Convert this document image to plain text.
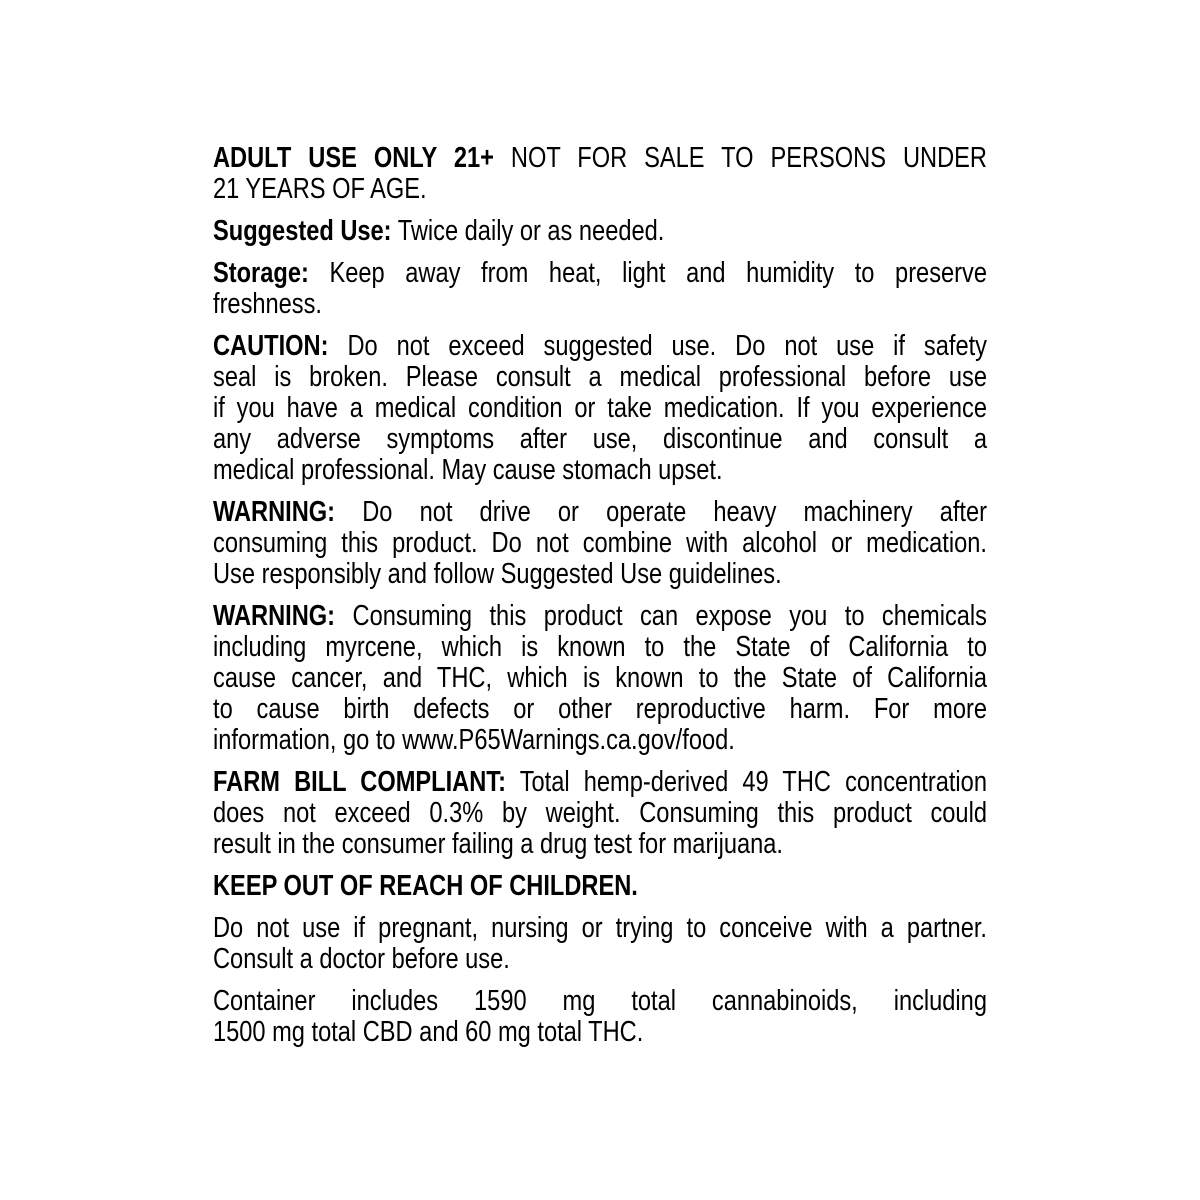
ADULT USE ONLY 21+ NOT FOR SALE TO PERSONS UNDER
21 YEARS OF AGE.
Suggested Use: Twice daily or as needed.
Storage: Keep away from heat, light and humidity to preserve
freshness.
CAUTION: Do not exceed suggested use. Do not use if safety
seal is broken. Please consult a medical professional before use
if you have a medical condition or take medication. If you experience
any adverse symptoms after use, discontinue and consult a
medical professional. May cause stomach upset.
WARNING: Do not drive or operate heavy machinery after
consuming this product. Do not combine with alcohol or medication.
Use responsibly and follow Suggested Use guidelines.
WARNING: Consuming this product can expose you to chemicals
including myrcene, which is known to the State of California to
cause cancer, and THC, which is known to the State of California
to cause birth defects or other reproductive harm. For more
information, go to www.P65Warnings.ca.gov/food.
FARM BILL COMPLIANT: Total hemp-derived 49 THC concentration
does not exceed 0.3% by weight. Consuming this product could
result in the consumer failing a drug test for marijuana.
KEEP OUT OF REACH OF CHILDREN.
Do not use if pregnant, nursing or trying to conceive with a partner.
Consult a doctor before use.
Container includes 1590 mg total cannabinoids, including
1500 mg total CBD and 60 mg total THC.
